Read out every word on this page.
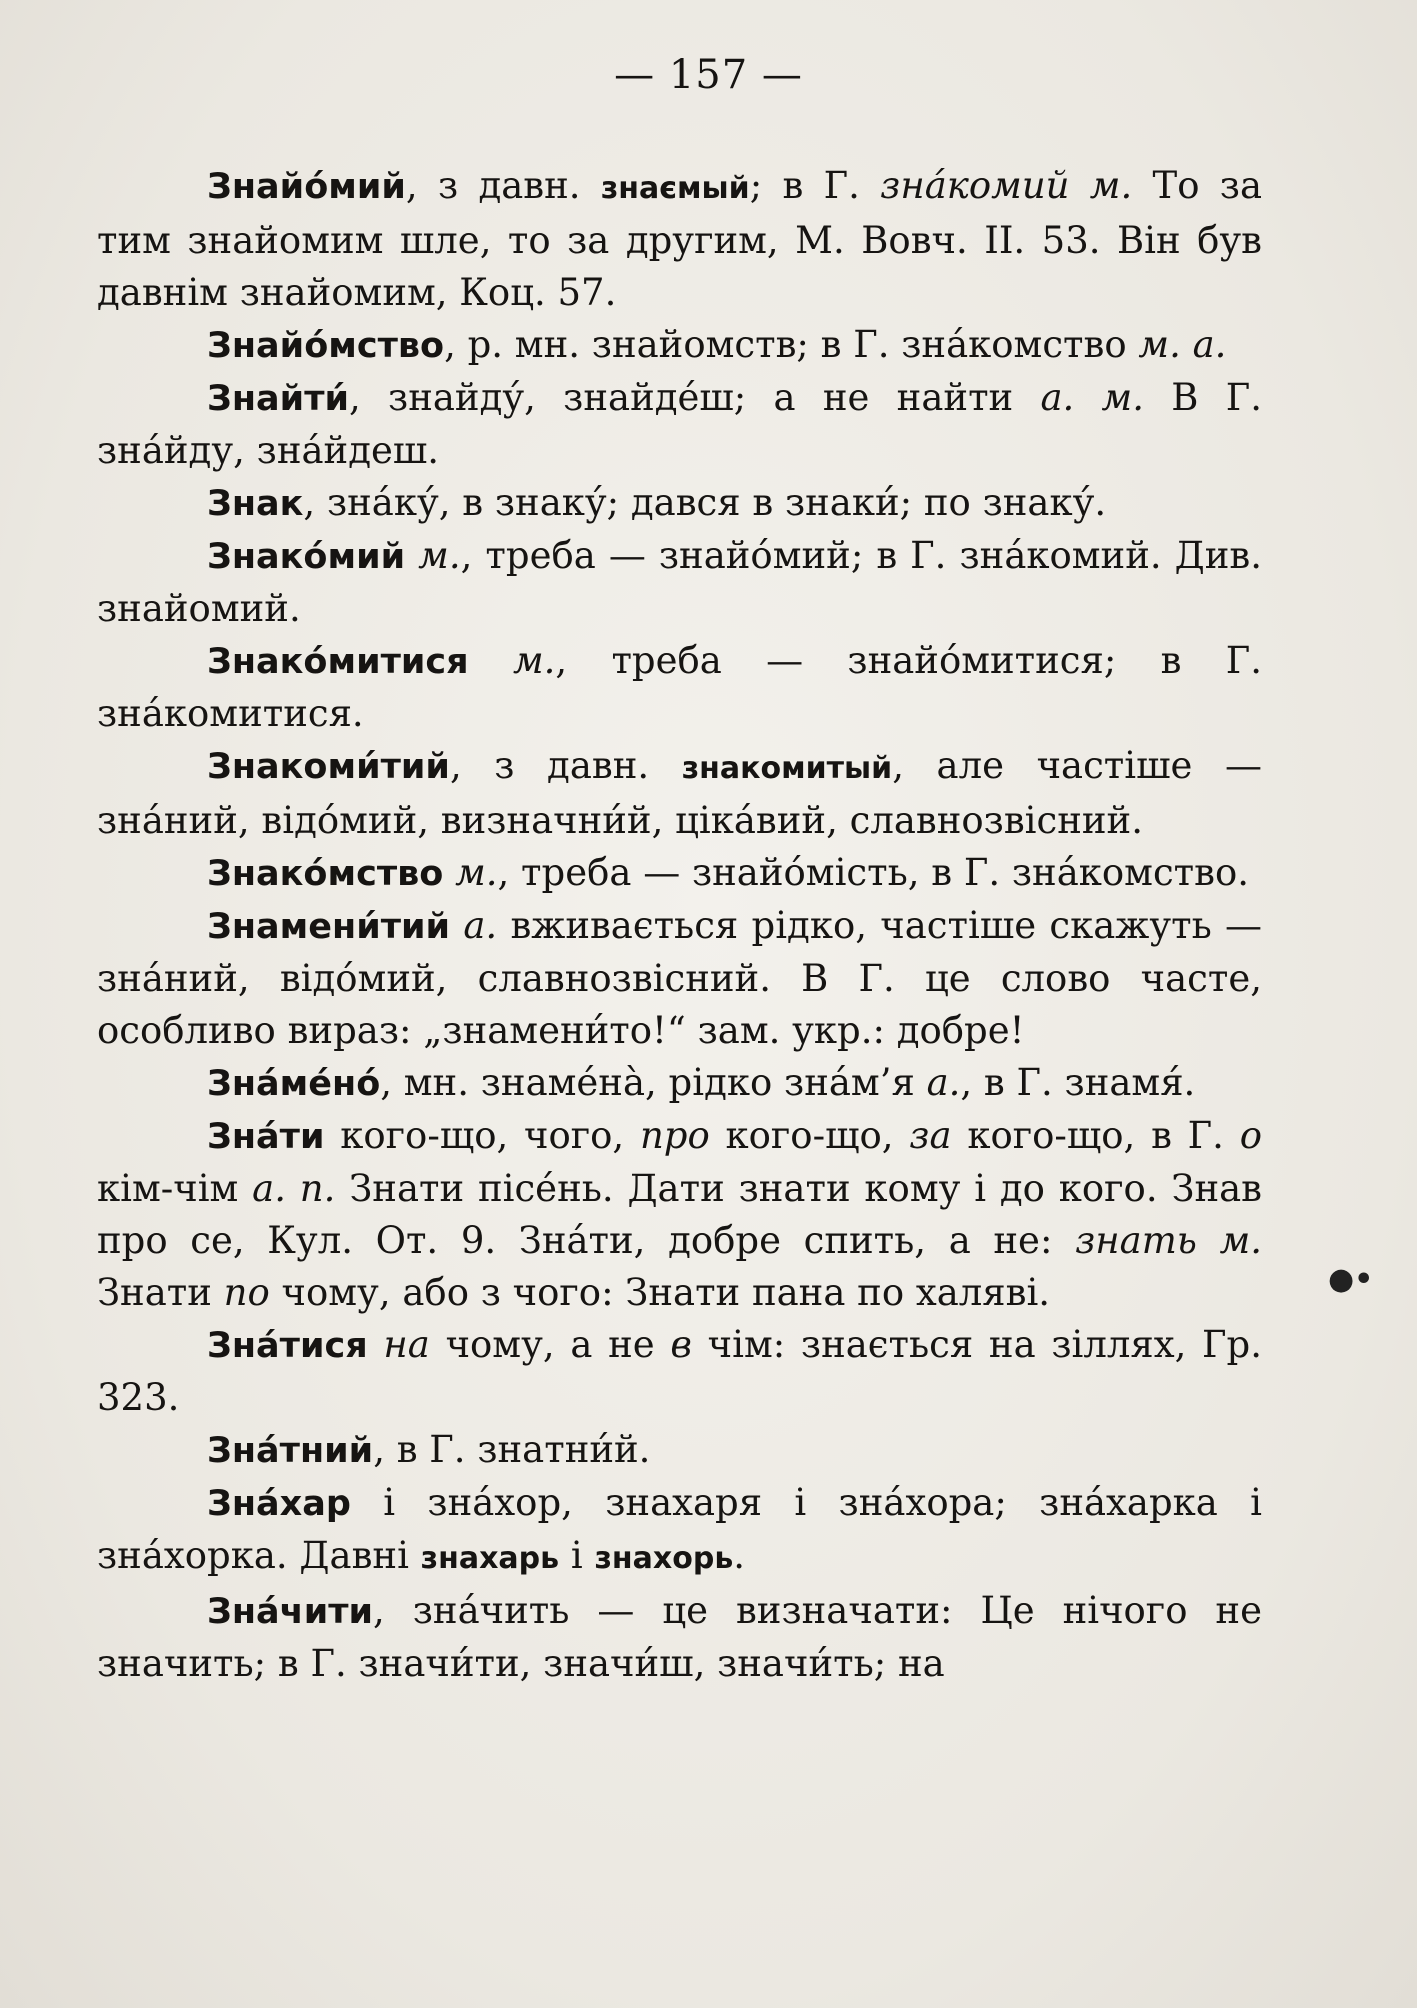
— 157 —

Знайо́мий, з давн. знаємый; в Г. зна́комий м. То за тим знайомим шле, то за другим, М. Вовч. ІІ. 53. Він був давнім знайомим, Коц. 57.

Знайо́мство, р. мн. знайомств; в Г. зна́комство м. а.

Знайти́, знайду́, знайде́ш; а не найти а. м. В Г. зна́йду, зна́йдеш.

Знак, зна́ку́, в знаку́; дався в знаки́; по знаку́.

Знако́мий м., треба — знайо́мий; в Г. зна́комий. Див. знайомий.

Знако́митися м., треба — знайо́митися; в Г. зна́комитися.

Знакоми́тий, з давн. знакомитый, але частіше — зна́ний, відо́мий, визначни́й, ціка́вий, славнозвісний.

Знако́мство м., треба — знайо́мість, в Г. зна́комство.

Знамени́тий а. вживається рідко, частіше скажуть — зна́ний, відо́мий, славнозвісний. В Г. це слово часте, особливо вираз: „знамени́то!“ зам. укр.: добре!

Зна́ме́но́, мн. знаме́на̀, рідко зна́м’я а., в Г. знамя́.

Зна́ти кого-що, чого, про кого-що, за кого-що, в Г. о кім-чім а. п. Знати пісе́нь. Дати знати кому і до кого. Знав про се, Кул. От. 9. Зна́ти, добре спить, а не: знать м. Знати по чому, або з чого: Знати пана по халяві.

Зна́тися на чому, а не в чім: знається на зіллях, Гр. 323.

Зна́тний, в Г. знатни́й.

Зна́хар і зна́хор, знахаря і зна́хора; зна́харка і зна́хорка. Давні знахарь і знахорь.

Зна́чити, зна́чить — це визначати: Це нічого не значить; в Г. значи́ти, значи́ш, значи́ть; на

●•
